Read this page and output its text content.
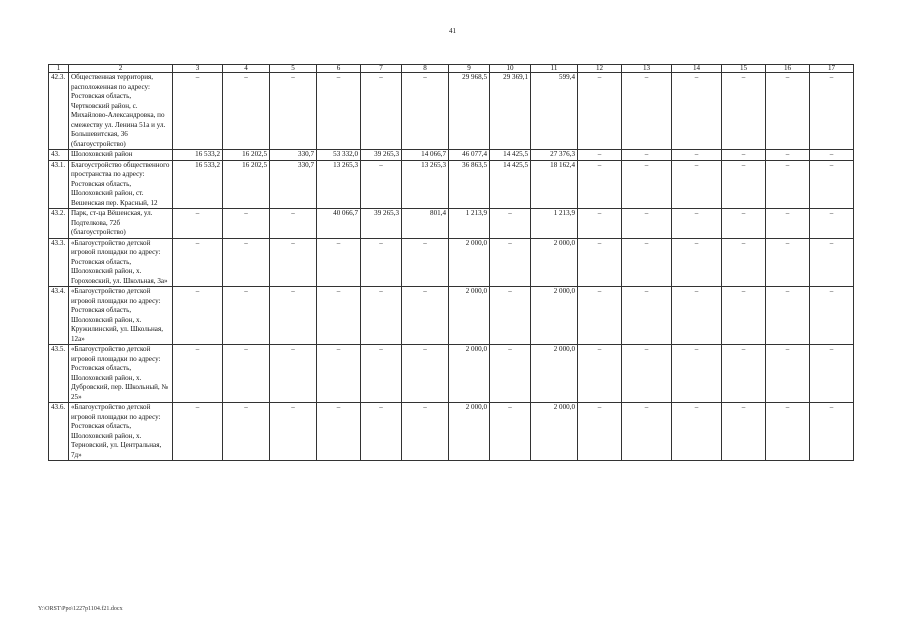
41
1	2	3	4	5	6	7	8	9	10	11	12	13	14	15	16	17
42.3.	Общественная территория, расположенная по адресу: Ростовская область, Чертковский район, с. Михайлово-Александровка, по смежеству ул. Ленина 51а и ул. Большевитская, 36 (благоустройство)	–	–	–	–	–	–	29 968,5	29 369,1	599,4	–	–	–	–	–	–
43.	Шолоховский район	16 533,2	16 202,5	330,7	53 332,0	39 265,3	14 066,7	46 077,4	14 425,5	27 376,3	–	–	–	–	–	–
43.1.	Благоустройство общественного пространства по адресу: Ростовская область, Шолоховский район, ст. Вешенская пер. Красный, 12	16 533,2	16 202,5	330,7	13 265,3	–	13 265,3	36 863,5	14 425,5	18 162,4	–	–	–	–	–	–
43.2.	Парк, ст-ца Вёшенская, ул. Подтелкова, 72б (благоустройство)	–	–	–	40 066,7	39 265,3	801,4	1 213,9	–	1 213,9	–	–	–	–	–	–
43.3.	«Благоустройство детской игровой площадки по адресу: Ростовская область, Шолоховский район, х. Гороховский, ул. Школьная, 3а»	–	–	–	–	–	–	2 000,0	–	2 000,0	–	–	–	–	–	–
43.4.	«Благоустройство детской игровой площадки по адресу: Ростовская область, Шолоховский район, х. Кружилинский, ул. Школьная, 12а»	–	–	–	–	–	–	2 000,0	–	2 000,0	–	–	–	–	–	–
43.5.	«Благоустройство детской игровой площадки по адресу: Ростовская область, Шолоховский район, х. Дубровский, пер. Школьный, № 25»	–	–	–	–	–	–	2 000,0	–	2 000,0	–	–	–	–	–	–
43.6.	«Благоустройство детской игровой площадки по адресу: Ростовская область, Шолоховский район, х. Терновский, ул. Центральная, 7д»	–	–	–	–	–	–	2 000,0	–	2 000,0	–	–	–	–	–	–
Y:\ORST\Ppo\1227p1104.f21.docx
